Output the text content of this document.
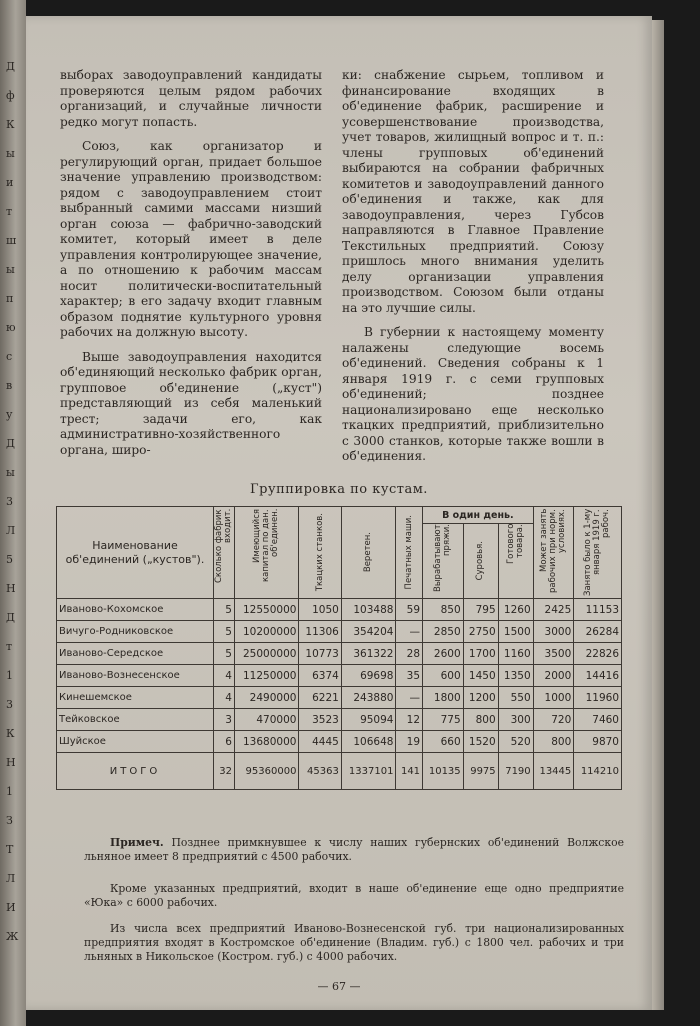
Д
ф
К
ы
и
т
ш
ы
п
ю
с
в
у
Д
ы
3
Л
5
Н
Д
т
1
3
К
Н
1
З
Т
Л
И
Ж

выборах заводоуправлений кандидаты проверяются целым рядом рабочих организаций, и случайные личности редко могут попасть.

Союз, как организатор и регулирующий орган, придает большое значение управлению производством: рядом с заводоуправлением стоит выбранный самими массами низший орган союза — фабрично-заводский комитет, который имеет в деле управления контролирующее значение, а по отношению к рабочим массам носит политически-воспитательный характер; в его задачу входит главным образом поднятие культурного уровня рабочих на должную высоту.

Выше заводоуправления находится об'единяющий несколько фабрик орган, групповое об'единение („куст") представляющий из себя маленький трест; задачи его, как административно-хозяйственного органа, широ-

ки: снабжение сырьем, топливом и финансирование входящих в об'единение фабрик, расширение и усовершенствование производства, учет товаров, жилищный вопрос и т. п.: члены групповых об'единений выбираются на собрании фабричных комитетов и заводоуправлений данного об'единения и также, как для заводоуправления, через Губсов направляются в Главное Правление Текстильных предприятий. Союзу пришлось много внимания уделить делу организации управления производством. Союзом были отданы на это лучшие силы.

В губернии к настоящему моменту налажены следующие восемь об'единений. Сведения собраны к 1 января 1919 г. с семи групповых об'единений; позднее национализировано еще несколько ткацких предприятий, приблизительно с 3000 станков, которые также вошли в об'единения.

Группировка по кустам.
Наименование об'единений („кустов").	Сколько фабрик входит.	Имеющийся капитал по дан. об'единен.	Ткацких станков.	Веретен.	Печатных маши.	В один день.			Может занять рабочих при норм. условиях.	Занято было к 1-му января 1919 г. рабоч.

						Вырабатывают пряжи.	Суровья.	Готового товара.		

Иваново-Кохомское	5	12550000	1050	103488	59	850	795	1260	2425	11153
Вичуго-Родниковское	5	10200000	11306	354204	—	2850	2750	1500	3000	26284
Иваново-Середское	5	25000000	10773	361322	28	2600	1700	1160	3500	22826
Иваново-Вознесенское	4	11250000	6374	69698	35	600	1450	1350	2000	14416
Кинешемское	4	2490000	6221	243880	—	1800	1200	550	1000	11960
Тейковское	3	470000	3523	95094	12	775	800	300	720	7460
Шуйское	6	13680000	4445	106648	19	660	1520	520	800	9870
ИТОГО	32	95360000	45363	1337101	141	10135	9975	7190	13445	114210

Примеч. Позднее примкнувшее к числу наших губернских об'единений Волжское льняное имеет 8 предприятий с 4500 рабочих.

Кроме указанных предприятий, входит в наше об'единение еще одно предприятие «Юка» с 6000 рабочих.

Из числа всех предприятий Иваново-Вознесенской губ. три национализированных предприятия входят в Костромское об'единение (Владим. губ.) с 1800 чел. рабочих и три льняных в Никольское (Костром. губ.) с 4000 рабочих.

— 67 —
